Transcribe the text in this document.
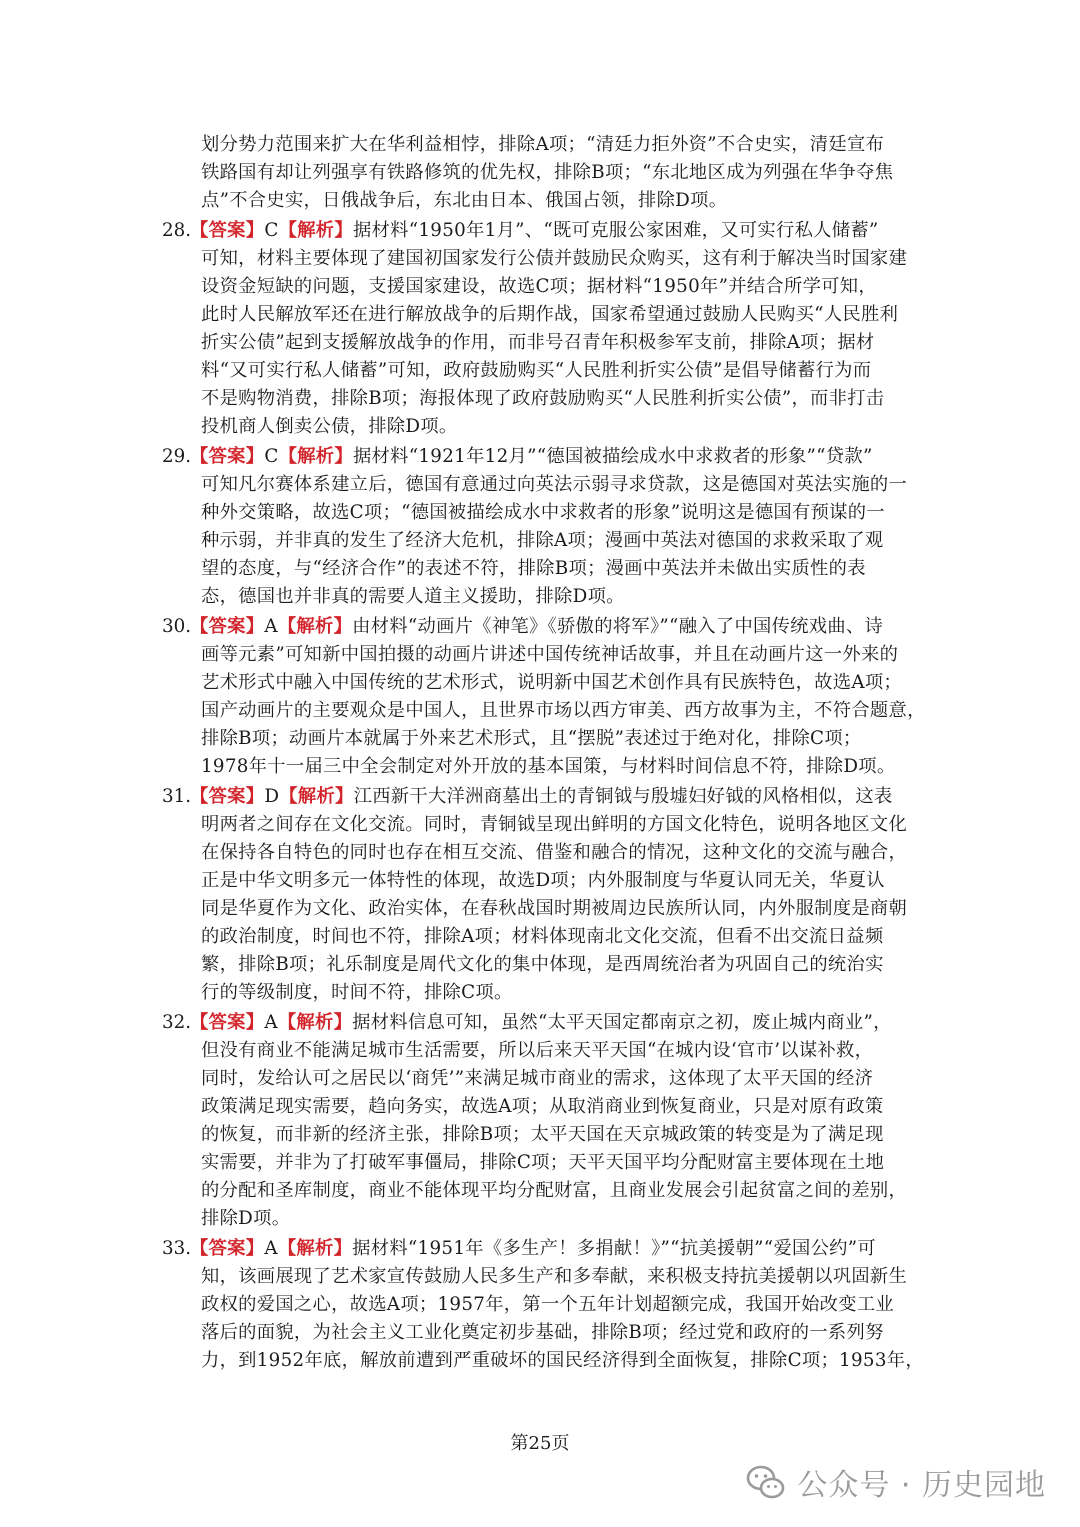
划分势力范围来扩大在华利益相悖，排除A项；“清廷力拒外资”不合史实，清廷宣布
铁路国有却让列强享有铁路修筑的优先权，排除B项；“东北地区成为列强在华争夺焦
点”不合史实，日俄战争后，东北由日本、俄国占领，排除D项。
28.
【答案】C【解析】据材料“1950年1月”、“既可克服公家困难，又可实行私人储蓄”
可知，材料主要体现了建国初国家发行公债并鼓励民众购买，这有利于解决当时国家建
设资金短缺的问题，支援国家建设，故选C项；据材料“1950年”并结合所学可知，
此时人民解放军还在进行解放战争的后期作战，国家希望通过鼓励人民购买“人民胜利
折实公债”起到支援解放战争的作用，而非号召青年积极参军支前，排除A项；据材
料“又可实行私人储蓄”可知，政府鼓励购买“人民胜利折实公债”是倡导储蓄行为而
不是购物消费，排除B项；海报体现了政府鼓励购买“人民胜利折实公债”，而非打击
投机商人倒卖公债，排除D项。
29.
【答案】C【解析】据材料“1921年12月”“德国被描绘成水中求救者的形象”“贷款”
可知凡尔赛体系建立后，德国有意通过向英法示弱寻求贷款，这是德国对英法实施的一
种外交策略，故选C项；“德国被描绘成水中求救者的形象”说明这是德国有预谋的一
种示弱，并非真的发生了经济大危机，排除A项；漫画中英法对德国的求救采取了观
望的态度，与“经济合作”的表述不符，排除B项；漫画中英法并未做出实质性的表
态，德国也并非真的需要人道主义援助，排除D项。
30.
【答案】A【解析】由材料“动画片《神笔》《骄傲的将军》”“融入了中国传统戏曲、诗
画等元素”可知新中国拍摄的动画片讲述中国传统神话故事，并且在动画片这一外来的
艺术形式中融入中国传统的艺术形式，说明新中国艺术创作具有民族特色，故选A项；
国产动画片的主要观众是中国人，且世界市场以西方审美、西方故事为主，不符合题意，
排除B项；动画片本就属于外来艺术形式，且“摆脱”表述过于绝对化，排除C项；
1978年十一届三中全会制定对外开放的基本国策，与材料时间信息不符，排除D项。
31.
【答案】D【解析】江西新干大洋洲商墓出土的青铜钺与殷墟妇好钺的风格相似，这表
明两者之间存在文化交流。同时，青铜钺呈现出鲜明的方国文化特色，说明各地区文化
在保持各自特色的同时也存在相互交流、借鉴和融合的情况，这种文化的交流与融合，
正是中华文明多元一体特性的体现，故选D项；内外服制度与华夏认同无关，华夏认
同是华夏作为文化、政治实体，在春秋战国时期被周边民族所认同，内外服制度是商朝
的政治制度，时间也不符，排除A项；材料体现南北文化交流，但看不出交流日益频
繁，排除B项；礼乐制度是周代文化的集中体现，是西周统治者为巩固自己的统治实
行的等级制度，时间不符，排除C项。
32.
【答案】A【解析】据材料信息可知，虽然“太平天国定都南京之初，废止城内商业”，
但没有商业不能满足城市生活需要，所以后来天平天国“在城内设‘官市’以谋补救，
同时，发给认可之居民以‘商凭’”来满足城市商业的需求，这体现了太平天国的经济
政策满足现实需要，趋向务实，故选A项；从取消商业到恢复商业，只是对原有政策
的恢复，而非新的经济主张，排除B项；太平天国在天京城政策的转变是为了满足现
实需要，并非为了打破军事僵局，排除C项；天平天国平均分配财富主要体现在土地
的分配和圣库制度，商业不能体现平均分配财富，且商业发展会引起贫富之间的差别，
排除D项。
33.
【答案】A【解析】据材料“1951年《多生产！多捐献！》”“抗美援朝”“爱国公约”可
知，该画展现了艺术家宣传鼓励人民多生产和多奉献，来积极支持抗美援朝以巩固新生
政权的爱国之心，故选A项；1957年，第一个五年计划超额完成，我国开始改变工业
落后的面貌，为社会主义工业化奠定初步基础，排除B项；经过党和政府的一系列努
力，到1952年底，解放前遭到严重破坏的国民经济得到全面恢复，排除C项；1953年，
第25页
公众号 · 历史园地
